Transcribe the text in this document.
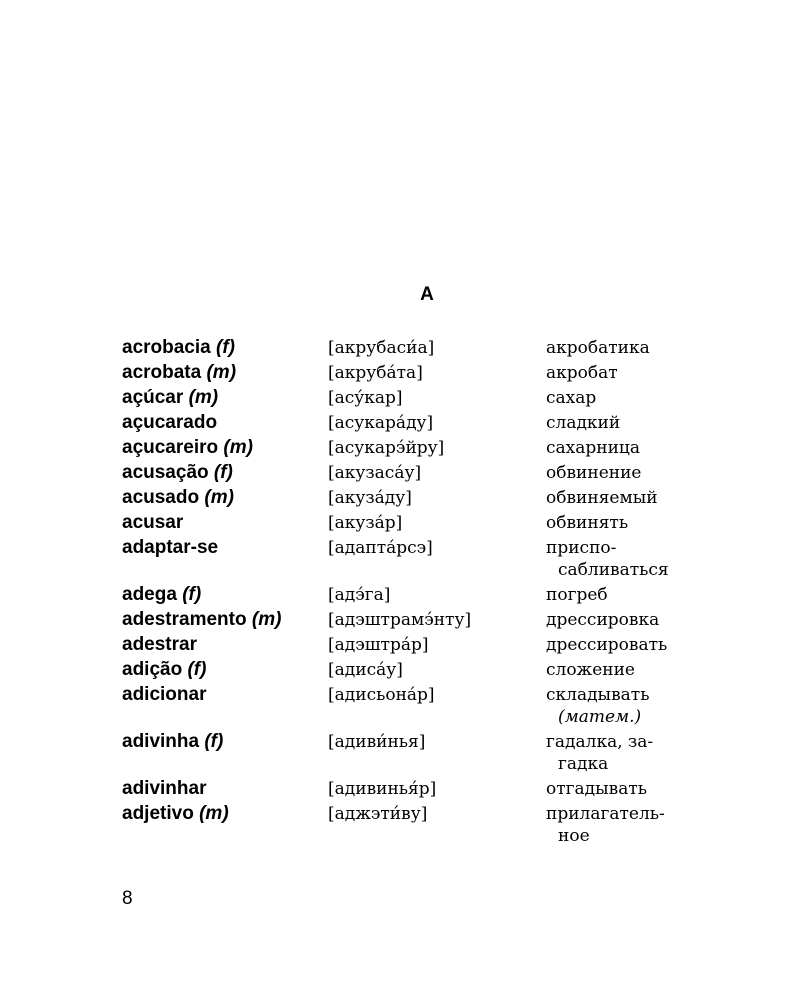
A
acrobacia (f)	[акрубаси́а]	акробатика
acrobata (m)	[акруба́та]	акробат
açúcar (m)	[асу́кар]	сахар
açucarado	[асукара́ду]	сладкий
açucareiro (m)	[асукарэ́йру]	сахарница
acusação (f)	[акузаса́у]	обвинение
acusado (m)	[акуза́ду]	обвиняемый
acusar	[акуза́р]	обвинять
adaptar-se	[адапта́рсэ]	приспо- сабливаться
adega (f)	[адэ́га]	погреб
adestramento (m)	[адэштрамэ́нту]	дрессировка
adestrar	[адэштра́р]	дрессировать
adição (f)	[адиса́у]	сложение
adicionar	[адисьона́р]	складывать (матем.)
adivinha (f)	[адиви́нья]	гадалка, за- гадка
adivinhar	[адивинья́р]	отгадывать
adjetivo (m)	[аджэти́ву]	прилагатель- ное
8
